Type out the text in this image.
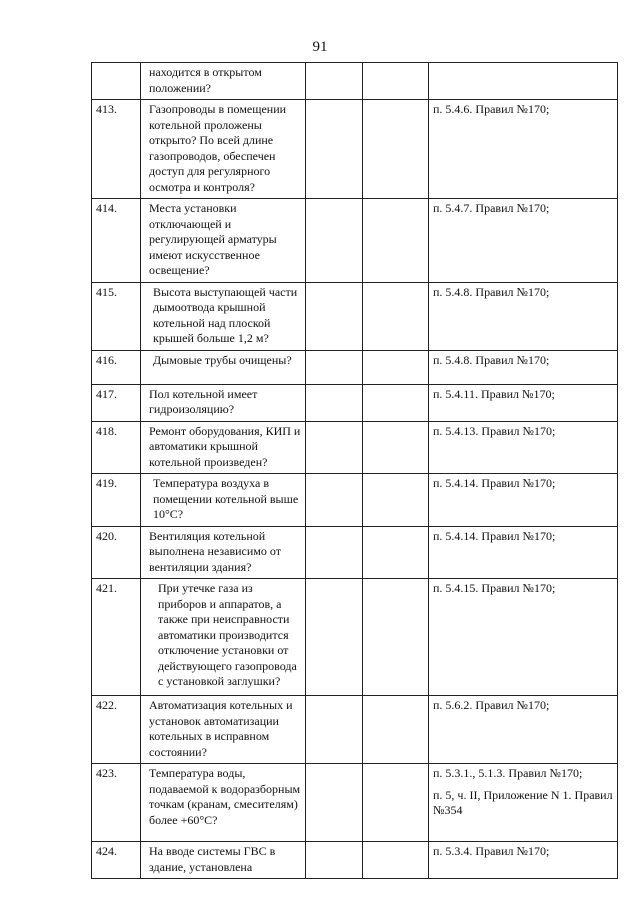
91

	находится в открытом положении?			

413.	Газопроводы в помещении котельной проложены открыто? По всей длине газопроводов, обеспечен доступ для регулярного осмотра и контроля?			п. 5.4.6. Правил №170;

414.	Места установки отключающей и регулирующей арматуры имеют искусственное освещение?			п. 5.4.7. Правил №170;

415.	Высота выступающей части дымоотвода крышной котельной над плоской крышей больше 1,2 м?			п. 5.4.8. Правил №170;

416.	Дымовые трубы очищены?			п. 5.4.8. Правил №170;

417.	Пол котельной имеет гидроизоляцию?			п. 5.4.11. Правил №170;

418.	Ремонт оборудования, КИП и автоматики крышной котельной произведен?			п. 5.4.13. Правил №170;

419.	Температура воздуха в помещении котельной выше 10°С?			п. 5.4.14. Правил №170;

420.	Вентиляция котельной выполнена независимо от вентиляции здания?			п. 5.4.14. Правил №170;

421.	При утечке газа из приборов и аппаратов, а также при неисправности автоматики производится отключение установки от действующего газопровода с установкой заглушки?			п. 5.4.15. Правил №170;

422.	Автоматизация котельных и установок автоматизации котельных в исправном состоянии?			п. 5.6.2. Правил №170;

423.	Температура воды, подаваемой к водоразборным точкам (кранам, смесителям) более +60°С?			п. 5.3.1., 5.1.3. Правил №170;
п. 5, ч. II, Приложение N 1. Правил №354

424.	На вводе системы ГВС в здание, установлена			п. 5.3.4. Правил №170;
